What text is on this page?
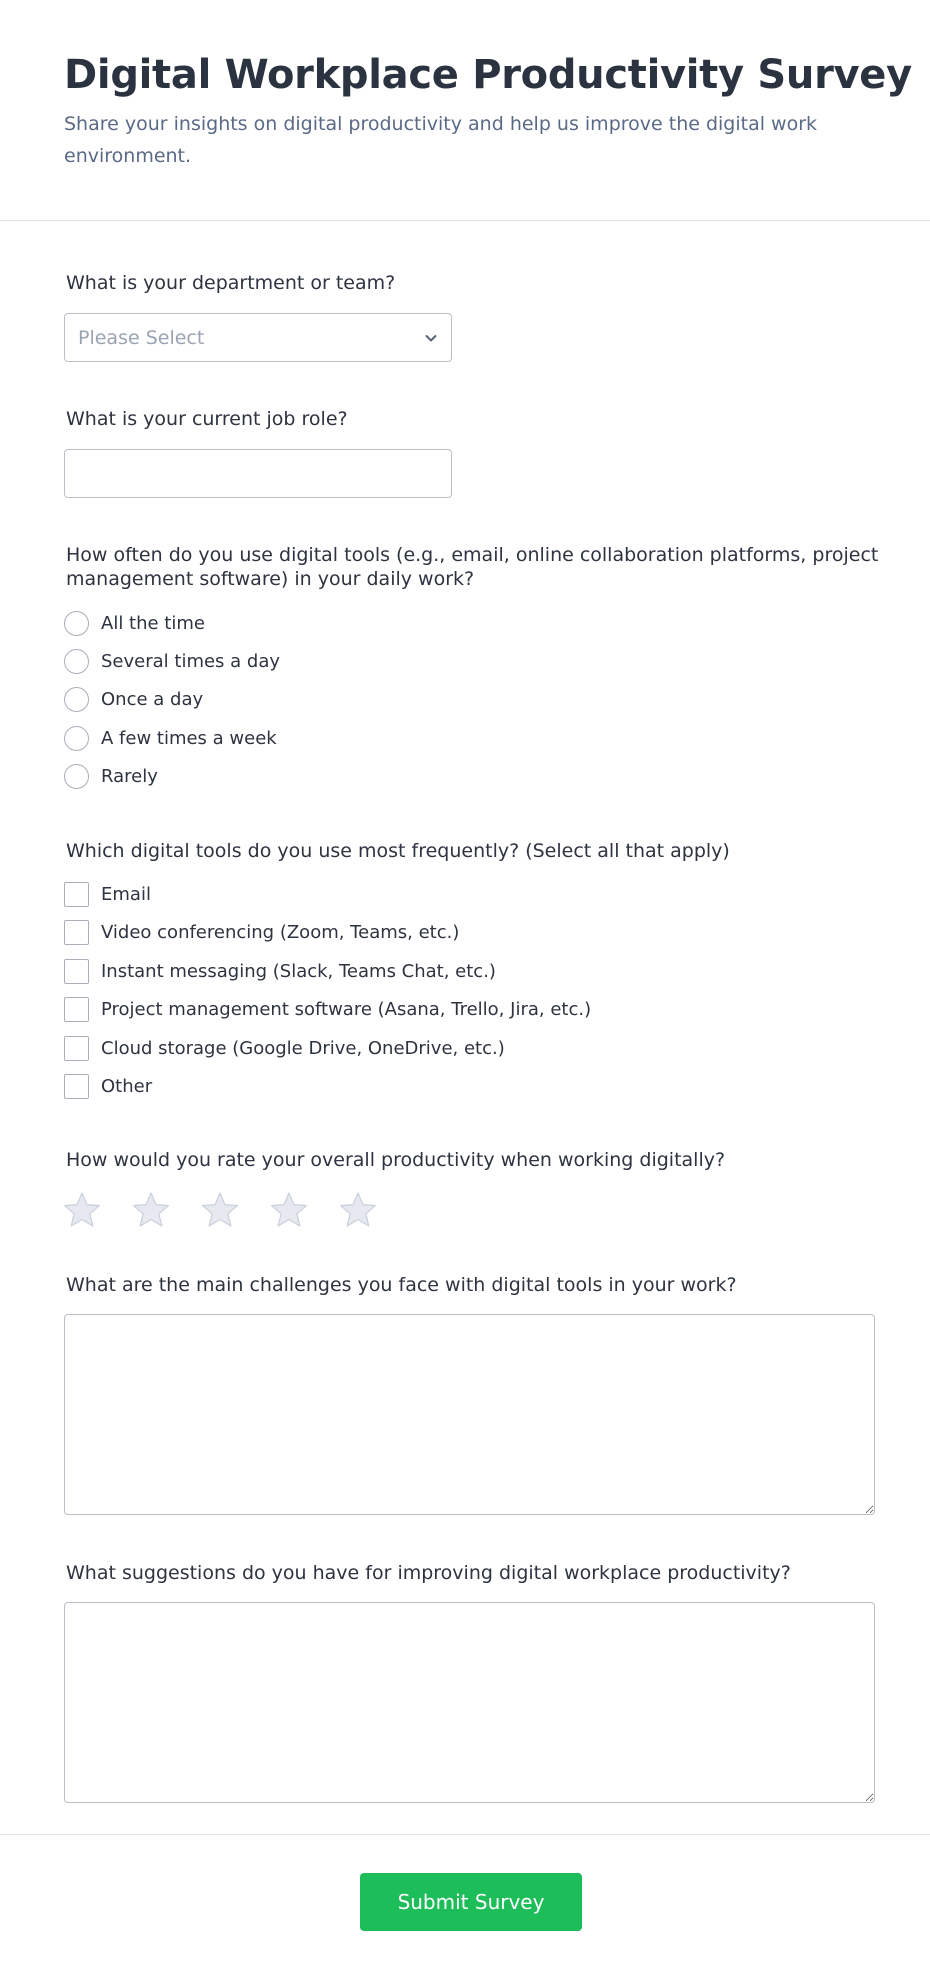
Digital Workplace Productivity Survey

Share your insights on digital productivity and help us improve the digital work environment.

What is your department or team?
Please Select
What is your current job role?
How often do you use digital tools (e.g., email, online collaboration platforms, project management software) in your daily work?
All the time
Several times a day
Once a day
A few times a week
Rarely
Which digital tools do you use most frequently? (Select all that apply)
Email
Video conferencing (Zoom, Teams, etc.)
Instant messaging (Slack, Teams Chat, etc.)
Project management software (Asana, Trello, Jira, etc.)
Cloud storage (Google Drive, OneDrive, etc.)
Other
How would you rate your overall productivity when working digitally?
What are the main challenges you face with digital tools in your work?
What suggestions do you have for improving digital workplace productivity?
Submit Survey
